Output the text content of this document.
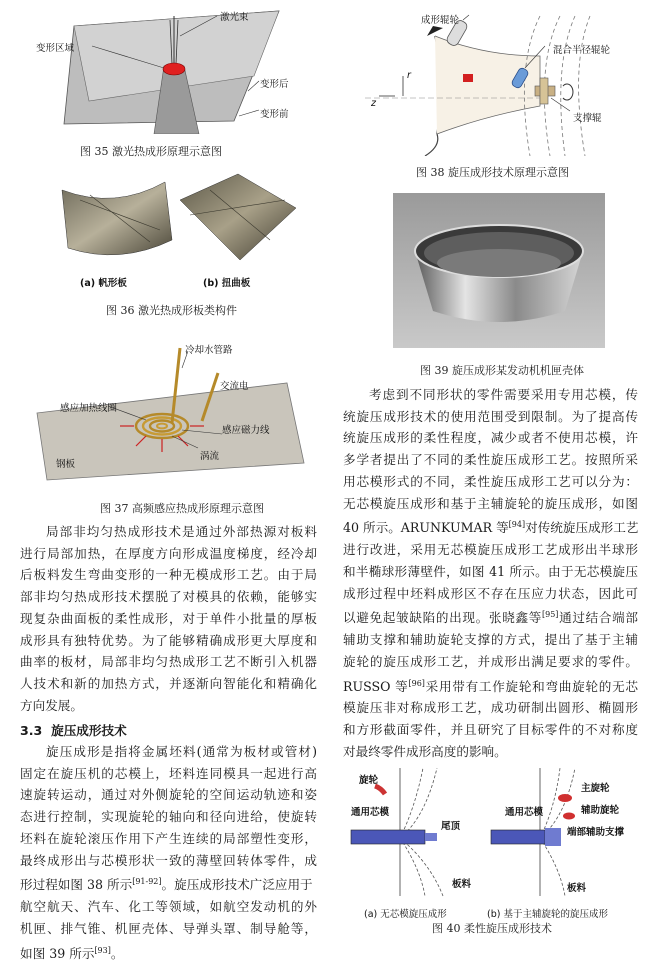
激光束
变形区域
变形后
变形前
图 35 激光热成形原理示意图
(a) 帆形板	(b) 扭曲板
图 36 激光热成形板类构件
冷却水管路
交流电
感应加热线圈
感应磁力线
钢板
涡流
图 37 高频感应热成形原理示意图
局部非均匀热成形技术是通过外部热源对板料
进行局部加热，在厚度方向形成温度梯度，经冷却
后板料发生弯曲变形的一种无模成形工艺。由于局
部非均匀热成形技术摆脱了对模具的依赖，能够实
现复杂曲面板的柔性成形，对于单件小批量的厚板
成形具有独特优势。为了能够精确成形更大厚度和
曲率的板材，局部非均匀热成形工艺不断引入机器
人技术和新的加热方式，并逐渐向智能化和精确化
方向发展。
3.3 旋压成形技术
旋压成形是指将金属坯料(通常为板材或管材)
固定在旋压机的芯模上，坯料连同模具一起进行高
速旋转运动，通过对外侧旋轮的空间运动轨迹和姿
态进行控制，实现旋轮的轴向和径向进给，使旋转
坯料在旋轮滚压作用下产生连续的局部塑性变形，
最终成形出与芯模形状一致的薄壁回转体零件，成
形过程如图 38 所示[91-92]。旋压成形技术广泛应用于
航空航天、汽车、化工等领域，如航空发动机的外
机匣、排气锥、机匣壳体、导弹头罩、制导舱等，
如图 39 所示[93]。
成形辊轮
混合半径辊轮
支撑辊
r
z
图 38 旋压成形技术原理示意图
图 39 旋压成形某发动机机匣壳体
考虑到不同形状的零件需要采用专用芯模，传
统旋压成形技术的使用范围受到限制。为了提高传
统旋压成形的柔性程度，减少或者不使用芯模，许
多学者提出了不同的柔性旋压成形工艺。按照所采
用芯模形式的不同，柔性旋压成形工艺可以分为：
无芯模旋压成形和基于主辅旋轮的旋压成形，如图
40 所示。ARUNKUMAR 等[94]对传统旋压成形工艺
进行改进，采用无芯模旋压成形工艺成形出半球形
和半椭球形薄壁件，如图 41 所示。由于无芯模旋压
成形过程中坯料成形区不存在压应力状态，因此可
以避免起皱缺陷的出现。张晓鑫等[95]通过结合端部
辅助支撑和辅助旋轮支撑的方式，提出了基于主辅
旋轮的旋压成形工艺，并成形出满足要求的零件。
RUSSO 等[96]采用带有工作旋轮和弯曲旋轮的无芯
模旋压非对称成形工艺，成功研制出圆形、椭圆形
和方形截面零件，并且研究了目标零件的不对称度
对最终零件成形高度的影响。
旋轮
通用芯模
尾顶
板料
主旋轮
辅助旋轮
通用芯模
端部辅助支撑
板料
(a) 无芯模旋压成形	(b) 基于主辅旋轮的旋压成形
图 40 柔性旋压成形技术
